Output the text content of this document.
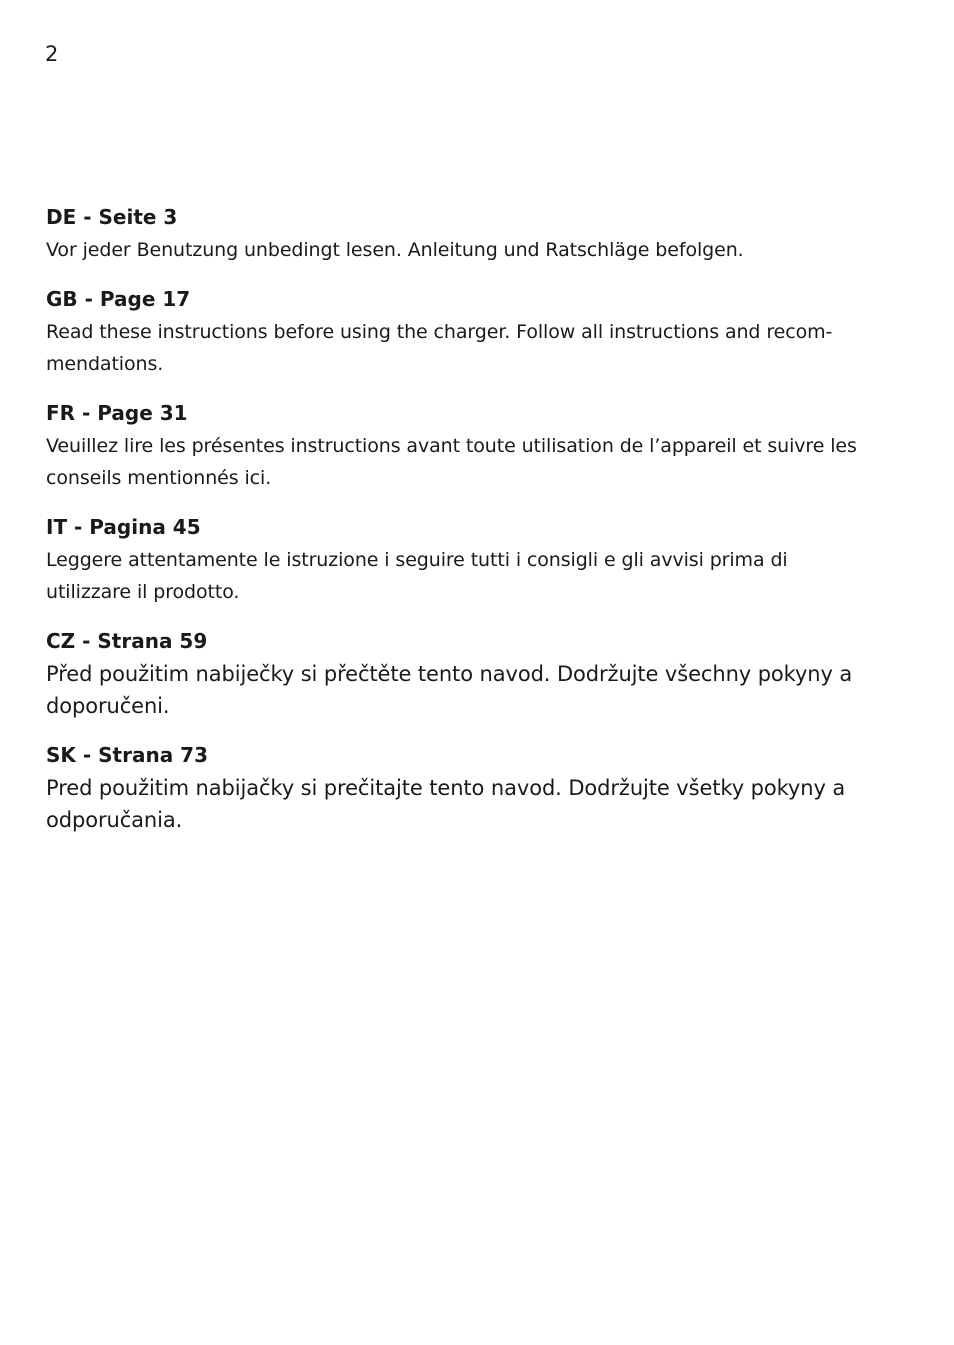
2
DE - Seite 3
Vor jeder Benutzung unbedingt lesen. Anleitung und Ratschläge befolgen.
GB - Page 17
Read these instructions before using the charger. Follow all instructions and recom-mendations.
FR - Page 31
Veuillez lire les présentes instructions avant toute utilisation de l’appareil et suivre les conseils mentionnés ici.
IT - Pagina 45
Leggere attentamente le istruzione i seguire tutti i consigli e gli avvisi prima di utilizzare il prodotto.
CZ - Strana 59
Před použitim nabiječky si přečtěte tento navod. Dodržujte všechny pokyny a doporučeni.
SK - Strana 73
Pred použitim nabijačky si prečitajte tento navod. Dodržujte všetky pokyny a odporučania.
